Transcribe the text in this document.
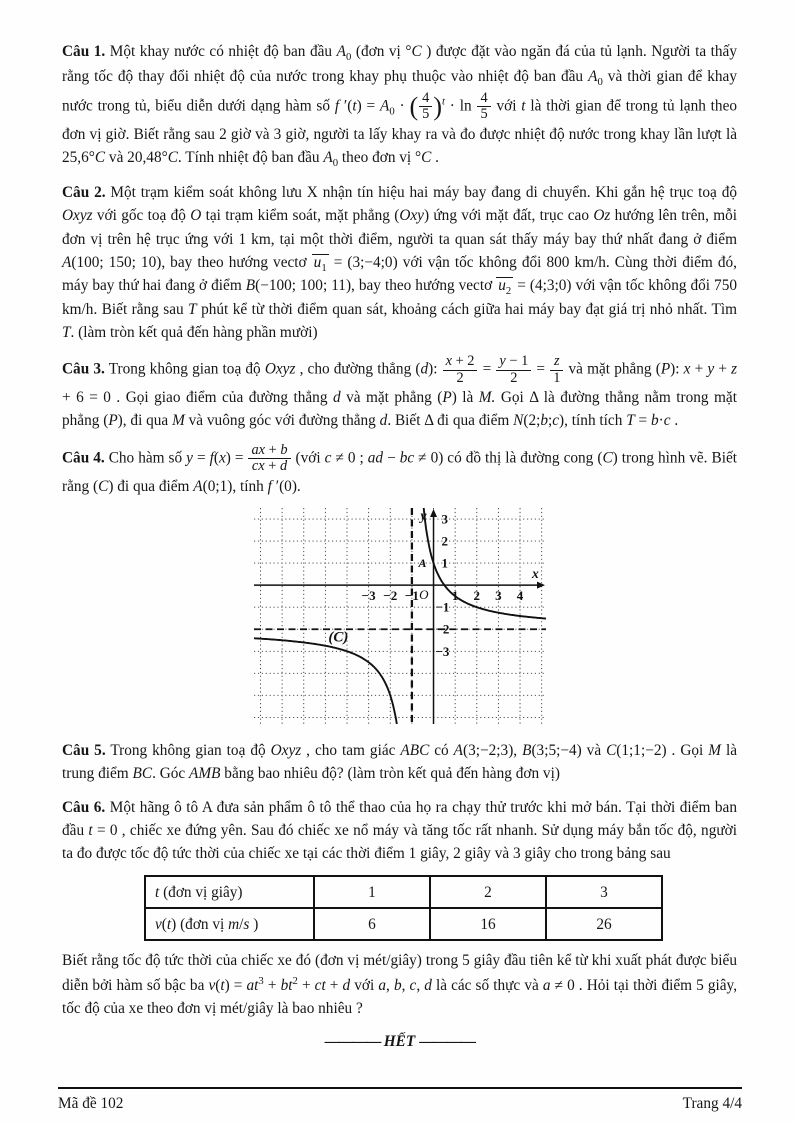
Câu 1. Một khay nước có nhiệt độ ban đầu $A_0$ (đơn vị °C ) được đặt vào ngăn đá của tủ lạnh. Người ta thấy rằng tốc độ thay đổi nhiệt độ của nước trong khay phụ thuộc vào nhiệt độ ban đầu $A_0$ và thời gian để khay nước trong tủ, biểu diễn dưới dạng hàm số f $'(t) = A_0$ · ( $\frac{4}{5} )^t \cdot \ln \frac{4}{5}$ với t là thời gian để trong tủ lạnh theo đơn vị giờ. Biết rằng sau 2 giờ và 3 giờ, người ta lấy khay ra và đo được nhiệt độ nước trong khay lần lượt là 25,6°C và 20,48°C. Tính nhiệt độ ban đầu $A_0$ theo đơn vị °C .

Câu 2. Một trạm kiểm soát không lưu X nhận tín hiệu hai máy bay đang di chuyển. Khi gắn hệ trục toạ độ Oxyz với gốc toạ độ O tại trạm kiểm soát, mặt phẳng (Oxy) ứng với mặt đất, trục cao Oz hướng lên trên, mỗi đơn vị trên hệ trục ứng với 1 km, tại một thời điểm, người ta quan sát thấy máy bay thứ nhất đang ở điểm A(100; 150; 10), bay theo hướng vectơ $u_1$ = (3;−4;0) với vận tốc không đổi 800 km/h. Cùng thời điểm đó, máy bay thứ hai đang ở điểm B(−100; 100; 11), bay theo hướng vectơ $u_2$ = (4;3;0) với vận tốc không đổi 750 km/h. Biết rằng sau T phút kể từ thời điểm quan sát, khoảng cách giữa hai máy bay đạt giá trị nhỏ nhất. Tìm T. (làm tròn kết quả đến hàng phần mười)

Câu 3. Trong không gian toạ độ Oxyz , cho đường thẳng (d): $\frac{x + 2}{2} = \frac{y - 1}{2} = \frac{z}{1}$ và mặt phẳng (P): x + y + z + 6 = 0 . Gọi giao điểm của đường thẳng d và mặt phẳng (P) là M. Gọi Δ là đường thẳng nằm trong mặt phẳng (P), đi qua M và vuông góc với đường thẳng d. Biết Δ đi qua điểm N(2;b;c), tính tích T = b·c .

Câu 4. Cho hàm số $y = f(x) = \frac{ax + b}{cx + d}$ (với c ≠ 0 ; ad − bc ≠ 0) có đồ thị là đường cong (C) trong hình vẽ. Biết rằng (C) đi qua điểm A(0;1), tính f ′(0).

−3 −2 −1	1 2 3 4
3
2
1
−1
−2
−3
O
x
y
A
(C)

Câu 5. Trong không gian toạ độ Oxyz , cho tam giác ABC có A(3;−2;3), B(3;5;−4) và C(1;1;−2) . Gọi M là trung điểm BC. Góc AMB bằng bao nhiêu độ? (làm tròn kết quả đến hàng đơn vị)

Câu 6. Một hãng ô tô A đưa sản phẩm ô tô thể thao của họ ra chạy thử trước khi mở bán. Tại thời điểm ban đầu t = 0 , chiếc xe đứng yên. Sau đó chiếc xe nổ máy và tăng tốc rất nhanh. Sử dụng máy bắn tốc độ, người ta đo được tốc độ tức thời của chiếc xe tại các thời điểm 1 giây, 2 giây và 3 giây cho trong bảng sau

t (đơn vị giây)	1	2	3
v(t) (đơn vị m/s )	6	16	26

Biết rằng tốc độ tức thời của chiếc xe đó (đơn vị mét/giây) trong 5 giây đầu tiên kể từ khi xuất phát được biểu diễn bởi hàm số bậc ba $v(t) = at^3 + bt^2$ + ct + d với a, b, c, d là các số thực và a ≠ 0 . Hỏi tại thời điểm 5 giây, tốc độ của xe theo đơn vị mét/giây là bao nhiêu ?

———— HẾT ————
Mã đề 102	Trang 4/4
